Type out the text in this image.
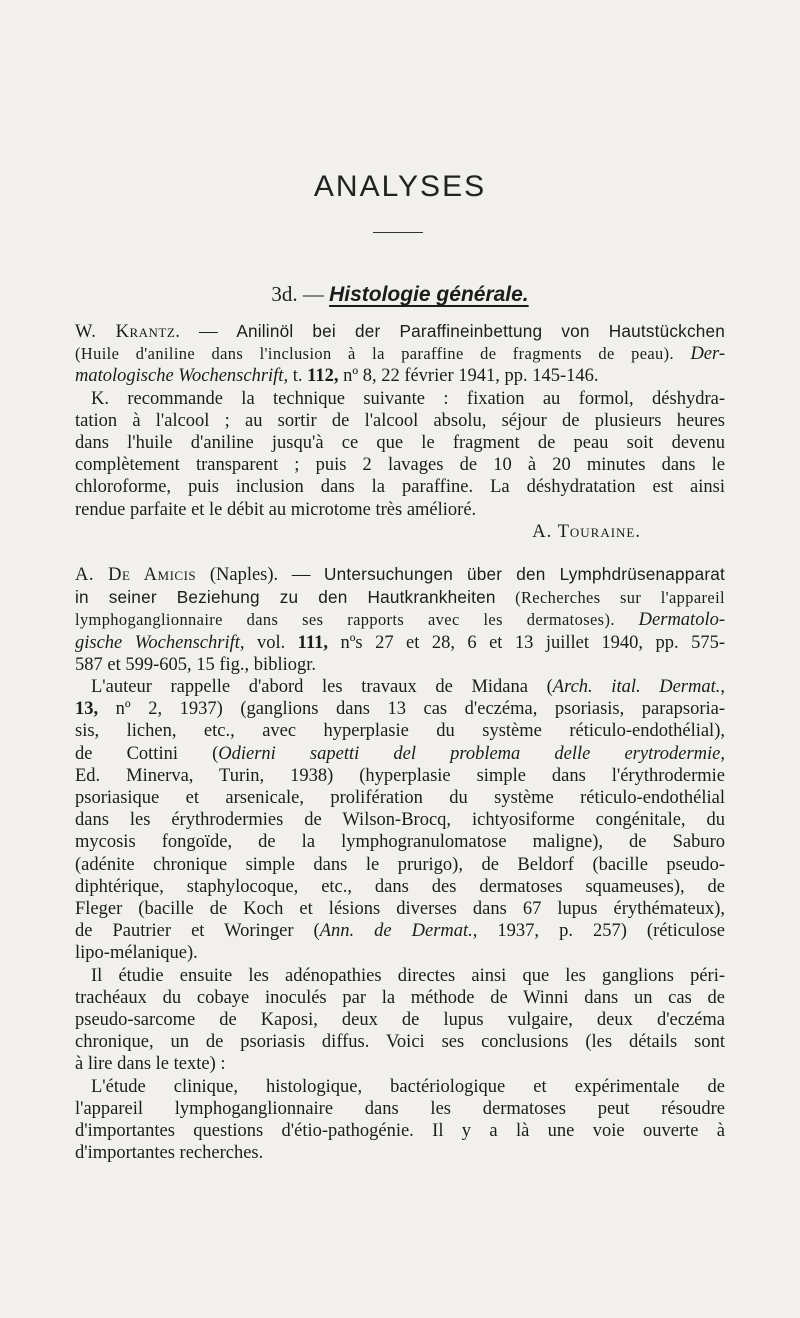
ANALYSES
3d. — Histologie générale.
W. Krantz. — Anilinöl bei der Paraffineinbettung von Hautstückchen
(Huile d'aniline dans l'inclusion à la paraffine de fragments de peau). Der-
matologische Wochenschrift, t. 112, nº 8, 22 février 1941, pp. 145-146.
K. recommande la technique suivante : fixation au formol, déshydra-
tation à l'alcool ; au sortir de l'alcool absolu, séjour de plusieurs heures
dans l'huile d'aniline jusqu'à ce que le fragment de peau soit devenu
complètement transparent ; puis 2 lavages de 10 à 20 minutes dans le
chloroforme, puis inclusion dans la paraffine. La déshydratation est ainsi
rendue parfaite et le débit au microtome très amélioré.
A. Touraine.
A. De Amicis (Naples). — Untersuchungen über den Lymphdrüsenapparat
in seiner Beziehung zu den Hautkrankheiten (Recherches sur l'appareil
lymphoganglionnaire dans ses rapports avec les dermatoses). Dermatolo-
gische Wochenschrift, vol. 111, nºs 27 et 28, 6 et 13 juillet 1940, pp. 575-
587 et 599-605, 15 fig., bibliogr.
L'auteur rappelle d'abord les travaux de Midana (Arch. ital. Dermat.,
13, nº 2, 1937) (ganglions dans 13 cas d'eczéma, psoriasis, parapsoria-
sis, lichen, etc., avec hyperplasie du système réticulo-endothélial),
de Cottini (Odierni sapetti del problema delle erytrodermie,
Ed. Minerva, Turin, 1938) (hyperplasie simple dans l'érythrodermie
psoriasique et arsenicale, prolifération du système réticulo-endothélial
dans les érythrodermies de Wilson-Brocq, ichtyosiforme congénitale, du
mycosis fongoïde, de la lymphogranulomatose maligne), de Saburo
(adénite chronique simple dans le prurigo), de Beldorf (bacille pseudo-
diphtérique, staphylocoque, etc., dans des dermatoses squameuses), de
Fleger (bacille de Koch et lésions diverses dans 67 lupus érythémateux),
de Pautrier et Woringer (Ann. de Dermat., 1937, p. 257) (réticulose
lipo-mélanique).
Il étudie ensuite les adénopathies directes ainsi que les ganglions péri-
trachéaux du cobaye inoculés par la méthode de Winni dans un cas de
pseudo-sarcome de Kaposi, deux de lupus vulgaire, deux d'eczéma
chronique, un de psoriasis diffus. Voici ses conclusions (les détails sont
à lire dans le texte) :
L'étude clinique, histologique, bactériologique et expérimentale de
l'appareil lymphoganglionnaire dans les dermatoses peut résoudre
d'importantes questions d'étio-pathogénie. Il y a là une voie ouverte à
d'importantes recherches.
